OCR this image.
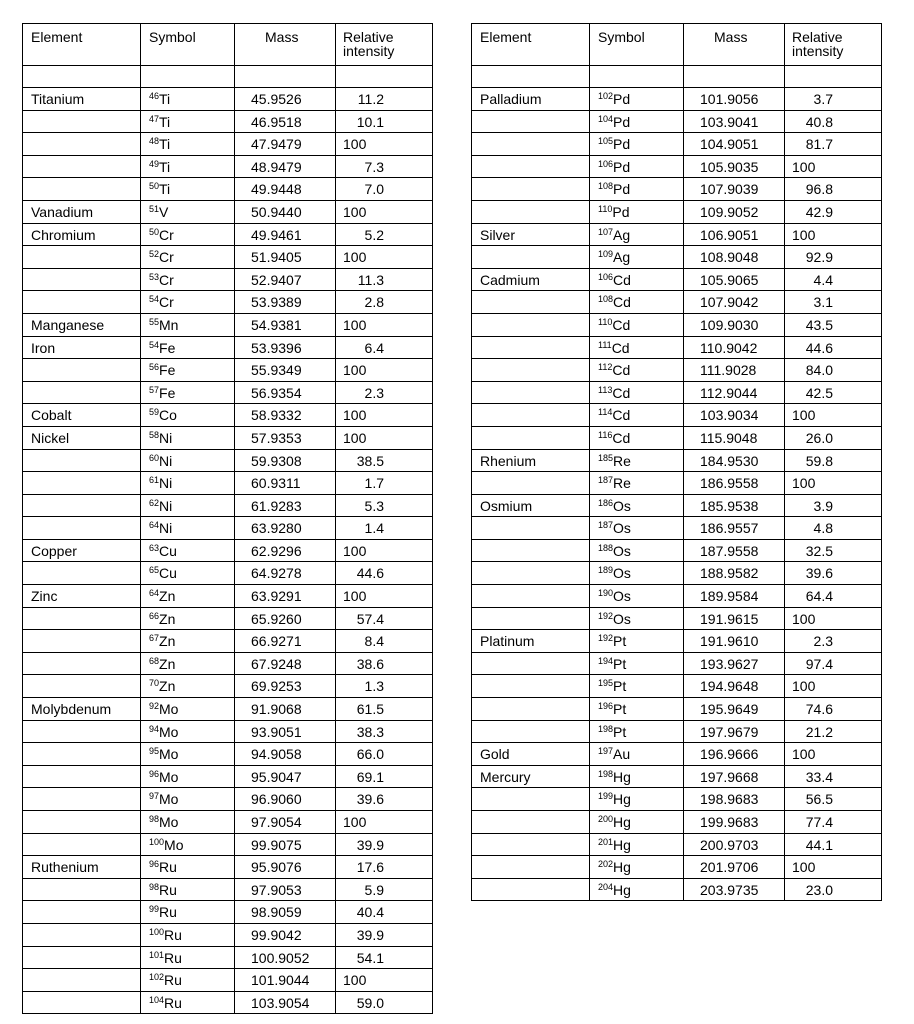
Element	Symbol	Mass	Relative
intensity

Titanium	$^{46}$Ti	45.9526	11.2
	$^{47}$Ti	46.9518	10.1
	$^{48}$Ti	47.9479	100
	$^{49}$Ti	48.9479	7.3
	$^{50}$Ti	49.9448	7.0
Vanadium	$^{51}$V	50.9440	100
Chromium	$^{50}$Cr	49.9461	5.2
	$^{52}$Cr	51.9405	100
	$^{53}$Cr	52.9407	11.3
	$^{54}$Cr	53.9389	2.8
Manganese	$^{55}$Mn	54.9381	100
Iron	$^{54}$Fe	53.9396	6.4
	$^{56}$Fe	55.9349	100
	$^{57}$Fe	56.9354	2.3
Cobalt	$^{59}$Co	58.9332	100
Nickel	$^{58}$Ni	57.9353	100
	$^{60}$Ni	59.9308	38.5
	$^{61}$Ni	60.9311	1.7
	$^{62}$Ni	61.9283	5.3
	$^{64}$Ni	63.9280	1.4
Copper	$^{63}$Cu	62.9296	100
	$^{65}$Cu	64.9278	44.6
Zinc	$^{64}$Zn	63.9291	100
	$^{66}$Zn	65.9260	57.4
	$^{67}$Zn	66.9271	8.4
	$^{68}$Zn	67.9248	38.6
	$^{70}$Zn	69.9253	1.3
Molybdenum	$^{92}$Mo	91.9068	61.5
	$^{94}$Mo	93.9051	38.3
	$^{95}$Mo	94.9058	66.0
	$^{96}$Mo	95.9047	69.1
	$^{97}$Mo	96.9060	39.6
	$^{98}$Mo	97.9054	100
	$^{100}$Mo	99.9075	39.9
Ruthenium	$^{96}$Ru	95.9076	17.6
	$^{98}$Ru	97.9053	5.9
	$^{99}$Ru	98.9059	40.4
	$^{100}$Ru	99.9042	39.9
	$^{101}$Ru	100.9052	54.1
	$^{102}$Ru	101.9044	100
	$^{104}$Ru	103.9054	59.0
Element	Symbol	Mass	Relative
intensity

Palladium	$^{102}$Pd	101.9056	3.7
	$^{104}$Pd	103.9041	40.8
	$^{105}$Pd	104.9051	81.7
	$^{106}$Pd	105.9035	100
	$^{108}$Pd	107.9039	96.8
	$^{110}$Pd	109.9052	42.9
Silver	$^{107}$Ag	106.9051	100
	$^{109}$Ag	108.9048	92.9
Cadmium	$^{106}$Cd	105.9065	4.4
	$^{108}$Cd	107.9042	3.1
	$^{110}$Cd	109.9030	43.5
	$^{111}$Cd	110.9042	44.6
	$^{112}$Cd	111.9028	84.0
	$^{113}$Cd	112.9044	42.5
	$^{114}$Cd	103.9034	100
	$^{116}$Cd	115.9048	26.0
Rhenium	$^{185}$Re	184.9530	59.8
	$^{187}$Re	186.9558	100
Osmium	$^{186}$Os	185.9538	3.9
	$^{187}$Os	186.9557	4.8
	$^{188}$Os	187.9558	32.5
	$^{189}$Os	188.9582	39.6
	$^{190}$Os	189.9584	64.4
	$^{192}$Os	191.9615	100
Platinum	$^{192}$Pt	191.9610	2.3
	$^{194}$Pt	193.9627	97.4
	$^{195}$Pt	194.9648	100
	$^{196}$Pt	195.9649	74.6
	$^{198}$Pt	197.9679	21.2
Gold	$^{197}$Au	196.9666	100
Mercury	$^{198}$Hg	197.9668	33.4
	$^{199}$Hg	198.9683	56.5
	$^{200}$Hg	199.9683	77.4
	$^{201}$Hg	200.9703	44.1
	$^{202}$Hg	201.9706	100
	$^{204}$Hg	203.9735	23.0
